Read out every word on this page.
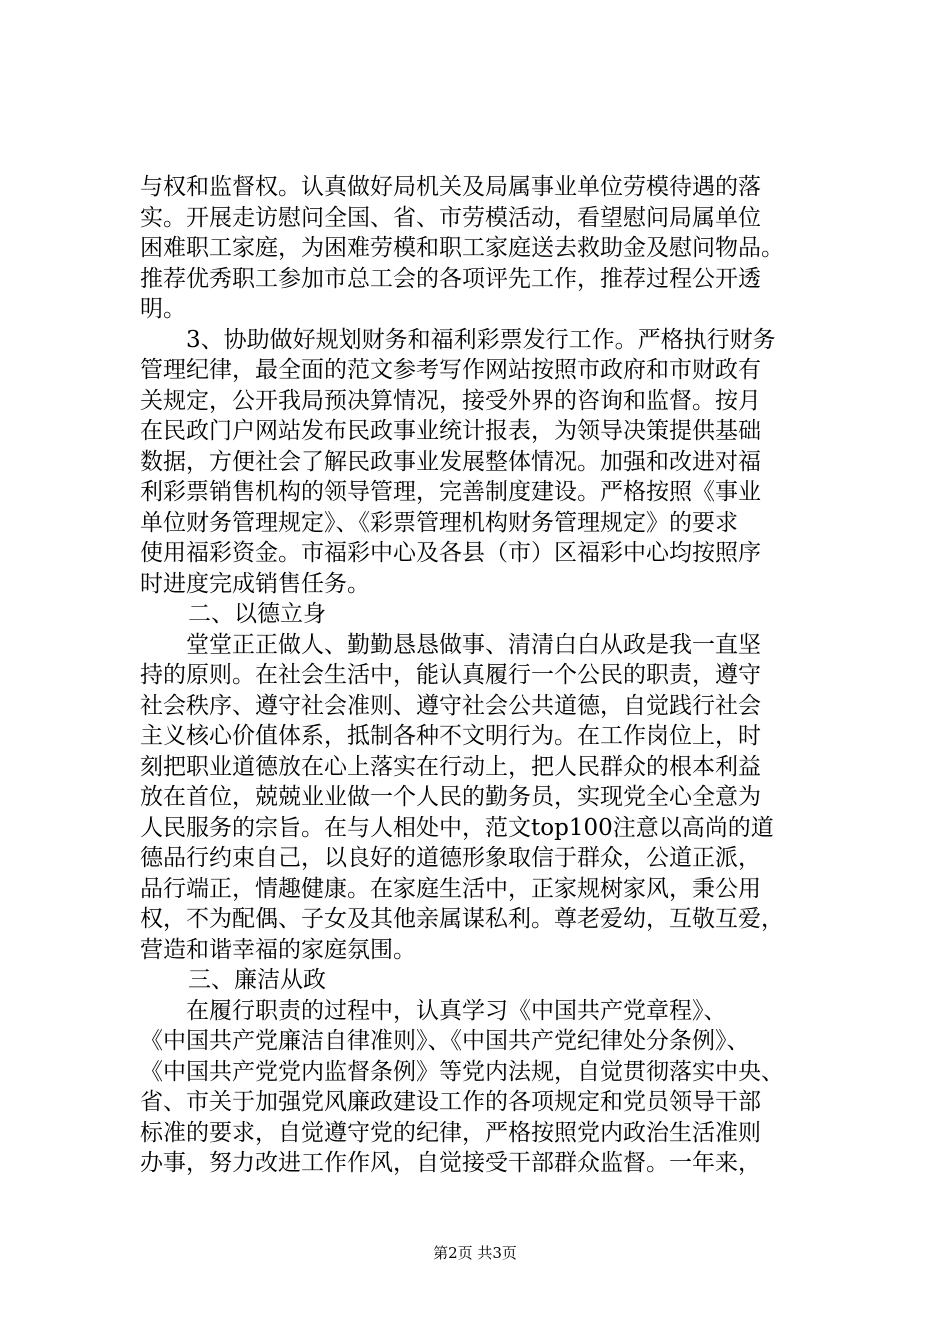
与权和监督权。认真做好局机关及局属事业单位劳模待遇的落
实。开展走访慰问全国、省、市劳模活动，看望慰问局属单位
困难职工家庭，为困难劳模和职工家庭送去救助金及慰问物品。
推荐优秀职工参加市总工会的各项评先工作，推荐过程公开透
明。
　　3、协助做好规划财务和福利彩票发行工作。严格执行财务
管理纪律，最全面的范文参考写作网站按照市政府和市财政有
关规定，公开我局预决算情况，接受外界的咨询和监督。按月
在民政门户网站发布民政事业统计报表，为领导决策提供基础
数据，方便社会了解民政事业发展整体情况。加强和改进对福
利彩票销售机构的领导管理，完善制度建设。严格按照《事业
单位财务管理规定》、《彩票管理机构财务管理规定》的要求
使用福彩资金。市福彩中心及各县（市）区福彩中心均按照序
时进度完成销售任务。
二、以德立身
　　堂堂正正做人、勤勤恳恳做事、清清白白从政是我一直坚
持的原则。在社会生活中，能认真履行一个公民的职责，遵守
社会秩序、遵守社会准则、遵守社会公共道德，自觉践行社会
主义核心价值体系，抵制各种不文明行为。在工作岗位上，时
刻把职业道德放在心上落实在行动上，把人民群众的根本利益
放在首位，兢兢业业做一个人民的勤务员，实现党全心全意为
人民服务的宗旨。在与人相处中，范文top100注意以高尚的道
德品行约束自己，以良好的道德形象取信于群众，公道正派，
品行端正，情趣健康。在家庭生活中，正家规树家风，秉公用
权，不为配偶、子女及其他亲属谋私利。尊老爱幼，互敬互爱，
营造和谐幸福的家庭氛围。
三、廉洁从政
　　在履行职责的过程中，认真学习《中国共产党章程》、
《中国共产党廉洁自律准则》、《中国共产党纪律处分条例》、
《中国共产党党内监督条例》等党内法规，自觉贯彻落实中央、
省、市关于加强党风廉政建设工作的各项规定和党员领导干部
标准的要求，自觉遵守党的纪律，严格按照党内政治生活准则
办事，努力改进工作作风，自觉接受干部群众监督。一年来，
第2页 共3页
